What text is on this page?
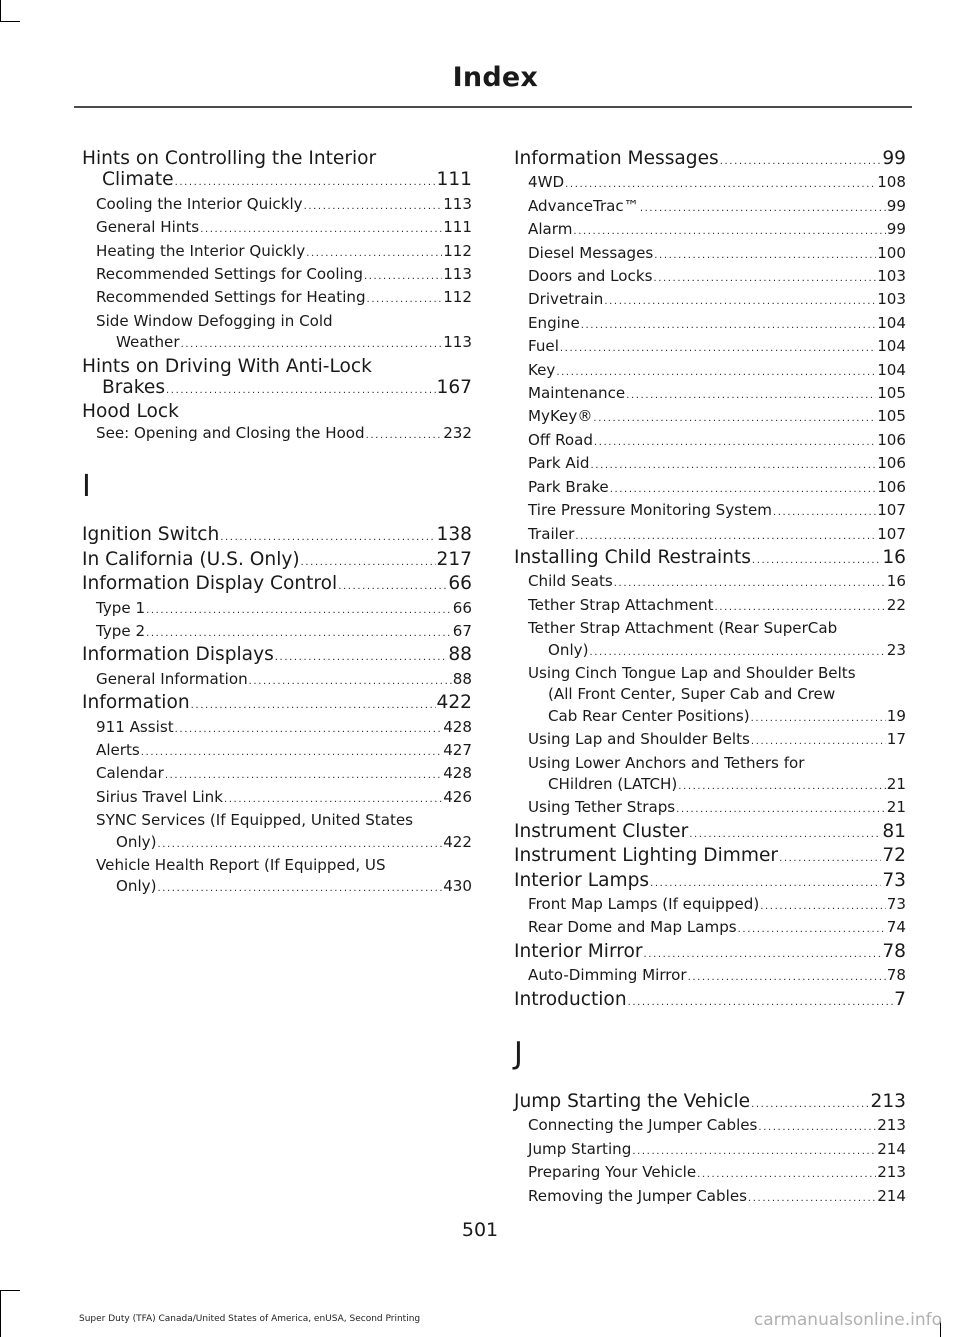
Index
Hints on Controlling the Interior
Climate .....	111
Cooling the Interior Quickly .....	113
General Hints .....	111
Heating the Interior Quickly .....	112
Recommended Settings for Cooling .....	113
Recommended Settings for Heating .....	112
Side Window Defogging in Cold
Weather .....	113
Hints on Driving With Anti-Lock
Brakes .....	167
Hood Lock
See: Opening and Closing the Hood .....	232
I
Ignition Switch .....	138
In California (U.S. Only) .....	217
Information Display Control .....	66
Type 1 .....	66
Type 2 .....	67
Information Displays .....	88
General Information .....	88
Information .....	422
911 Assist .....	428
Alerts .....	427
Calendar .....	428
Sirius Travel Link .....	426
SYNC Services (If Equipped, United States
Only) .....	422
Vehicle Health Report (If Equipped, US
Only) .....	430
Information Messages .....	99
4WD .....	108
AdvanceTrac™ .....	99
Alarm .....	99
Diesel Messages .....	100
Doors and Locks .....	103
Drivetrain .....	103
Engine .....	104
Fuel .....	104
Key .....	104
Maintenance .....	105
MyKey® .....	105
Off Road .....	106
Park Aid .....	106
Park Brake .....	106
Tire Pressure Monitoring System .....	107
Trailer .....	107
Installing Child Restraints .....	16
Child Seats .....	16
Tether Strap Attachment .....	22
Tether Strap Attachment (Rear SuperCab
Only) .....	23
Using Cinch Tongue Lap and Shoulder Belts
(All Front Center, Super Cab and Crew
Cab Rear Center Positions) .....	19
Using Lap and Shoulder Belts .....	17
Using Lower Anchors and Tethers for
CHildren (LATCH) .....	21
Using Tether Straps .....	21
Instrument Cluster .....	81
Instrument Lighting Dimmer .....	72
Interior Lamps .....	73
Front Map Lamps (If equipped) .....	73
Rear Dome and Map Lamps .....	74
Interior Mirror .....	78
Auto-Dimming Mirror .....	78
Introduction .....	7
J
Jump Starting the Vehicle .....	213
Connecting the Jumper Cables .....	213
Jump Starting .....	214
Preparing Your Vehicle .....	213
Removing the Jumper Cables .....	214
501
Super Duty (TFA) Canada/United States of America, enUSA, Second Printing	carmanualsonline.info
